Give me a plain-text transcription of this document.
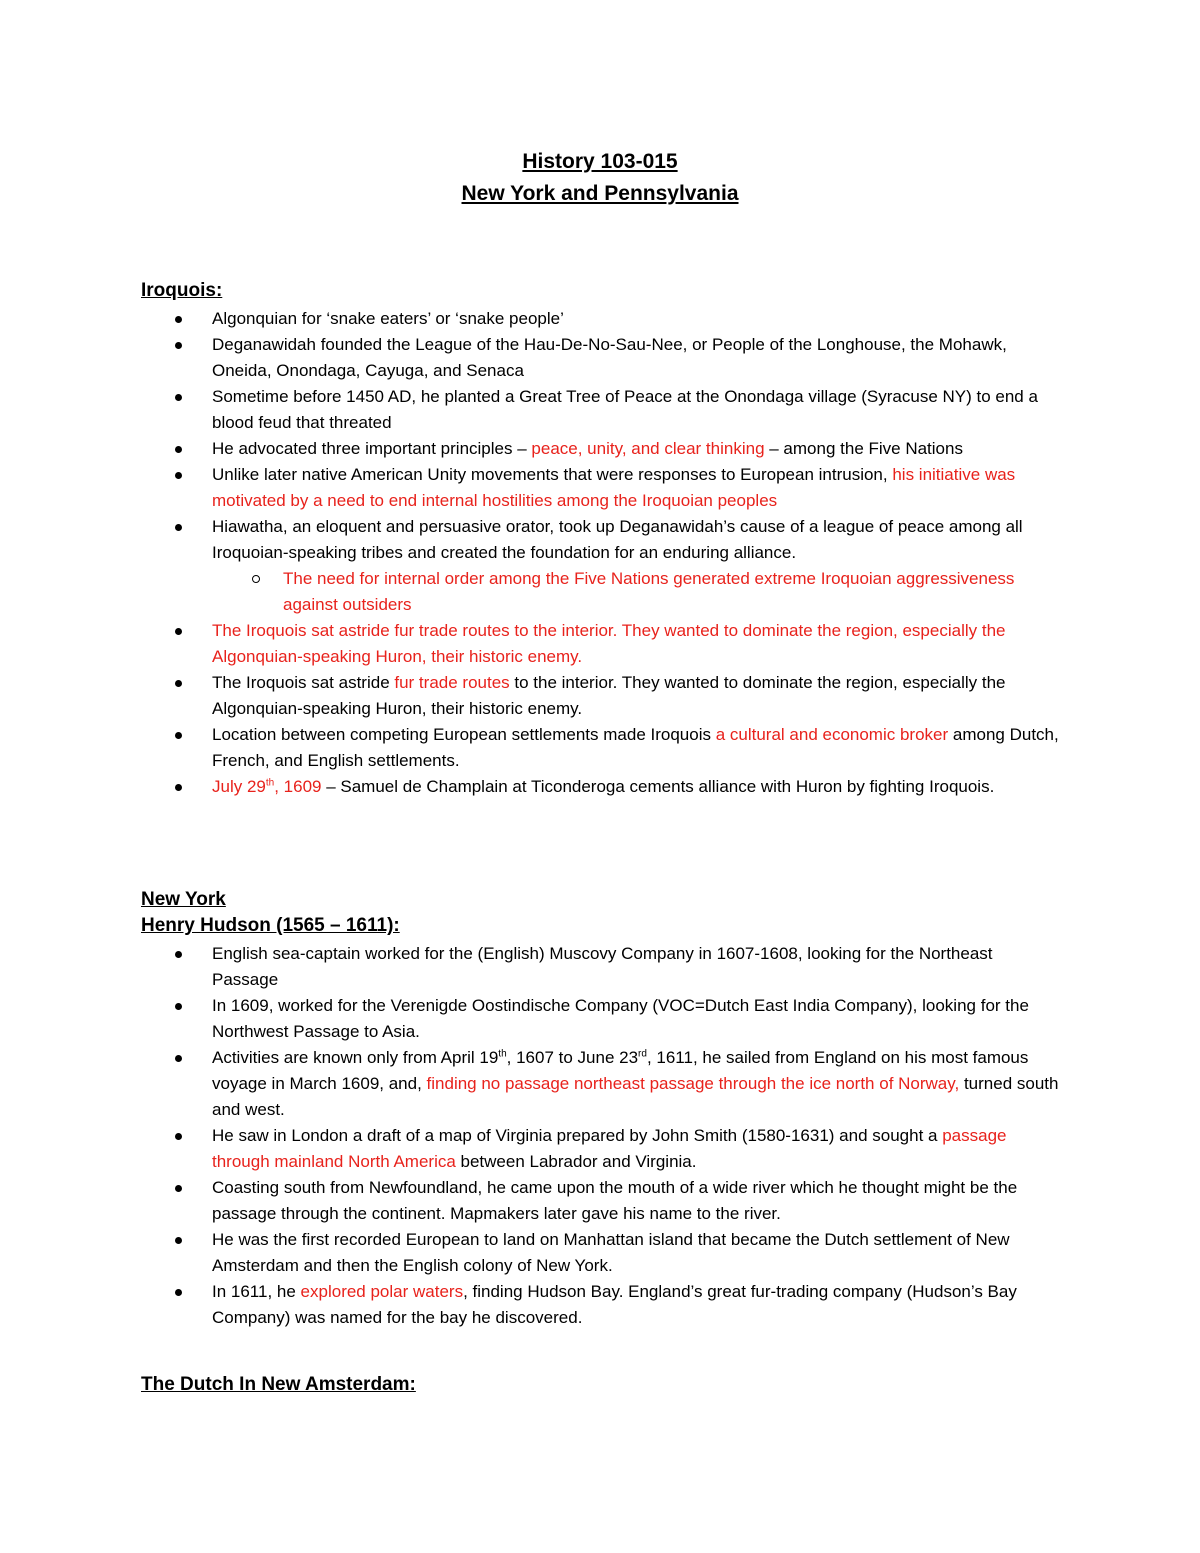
History 103-015

New York and Pennsylvania

Iroquois:

Algonquian for ‘snake eaters’ or ‘snake people’
Deganawidah founded the League of the Hau-De-No-Sau-Nee, or People of the Longhouse, the Mohawk, Oneida, Onondaga, Cayuga, and Senaca
Sometime before 1450 AD, he planted a Great Tree of Peace at the Onondaga village (Syracuse NY) to end a blood feud that threated
He advocated three important principles – peace, unity, and clear thinking – among the Five Nations
Unlike later native American Unity movements that were responses to European intrusion, his initiative was motivated by a need to end internal hostilities among the Iroquoian peoples
Hiawatha, an eloquent and persuasive orator, took up Deganawidah’s cause of a league of peace among all Iroquoian-speaking tribes and created the foundation for an enduring alliance.
The need for internal order among the Five Nations generated extreme Iroquoian aggressiveness against outsiders
The Iroquois sat astride fur trade routes to the interior. They wanted to dominate the region, especially the Algonquian-speaking Huron, their historic enemy.
The Iroquois sat astride fur trade routes to the interior. They wanted to dominate the region, especially the Algonquian-speaking Huron, their historic enemy.
Location between competing European settlements made Iroquois a cultural and economic broker among Dutch, French, and English settlements.
July 29th, 1609 – Samuel de Champlain at Ticonderoga cements alliance with Huron by fighting Iroquois.

New York

Henry Hudson (1565 – 1611):

English sea-captain worked for the (English) Muscovy Company in 1607-1608, looking for the Northeast Passage
In 1609, worked for the Verenigde Oostindische Company (VOC=Dutch East India Company), looking for the Northwest Passage to Asia.
Activities are known only from April 19th, 1607 to June 23rd, 1611, he sailed from England on his most famous voyage in March 1609, and, finding no passage northeast passage through the ice north of Norway, turned south and west.
He saw in London a draft of a map of Virginia prepared by John Smith (1580-1631) and sought a passage through mainland North America between Labrador and Virginia.
Coasting south from Newfoundland, he came upon the mouth of a wide river which he thought might be the passage through the continent. Mapmakers later gave his name to the river.
He was the first recorded European to land on Manhattan island that became the Dutch settlement of New Amsterdam and then the English colony of New York.
In 1611, he explored polar waters, finding Hudson Bay. England’s great fur-trading company (Hudson’s Bay Company) was named for the bay he discovered.

The Dutch In New Amsterdam:
